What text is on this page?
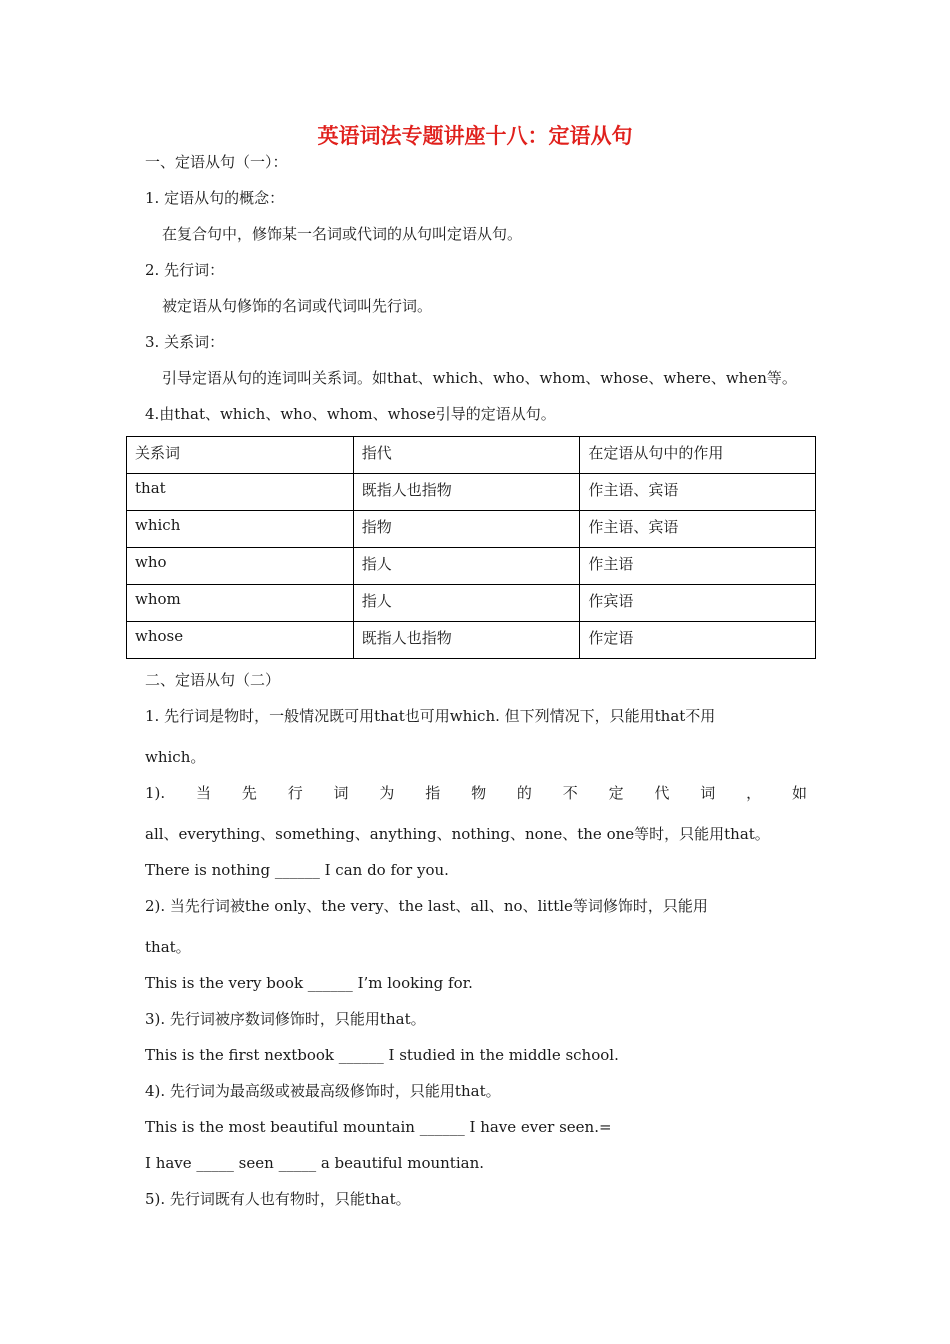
英语词法专题讲座十八：定语从句
一、定语从句（一）：
1. 定语从句的概念：
在复合句中，修饰某一名词或代词的从句叫定语从句。
2. 先行词：
被定语从句修饰的名词或代词叫先行词。
3. 关系词：
引导定语从句的连词叫关系词。如that、which、who、whom、whose、where、when等。
4.由that、which、who、whom、whose引导的定语从句。
关系词	指代	在定语从句中的作用
that	既指人也指物	作主语、宾语
which	指物	作主语、宾语
who	指人	作主语
whom	指人	作宾语
whose	既指人也指物	作定语
二、定语从句（二）
1. 先行词是物时，一般情况既可用that也可用which. 但下列情况下，只能用that不用
which。
1). 当 先 行 词 为 指 物 的 不 定 代 词 ， 如
all、everything、something、anything、nothing、none、the one等时，只能用that。
There is nothing ______ I can do for you.
2). 当先行词被the only、the very、the last、all、no、little等词修饰时，只能用
that。
This is the very book ______ I’m looking for.
3). 先行词被序数词修饰时，只能用that。
This is the first nextbook ______ I studied in the middle school.
4). 先行词为最高级或被最高级修饰时，只能用that。
This is the most beautiful mountain ______ I have ever seen.=
I have _____ seen _____ a beautiful mountian.
5). 先行词既有人也有物时，只能that。
